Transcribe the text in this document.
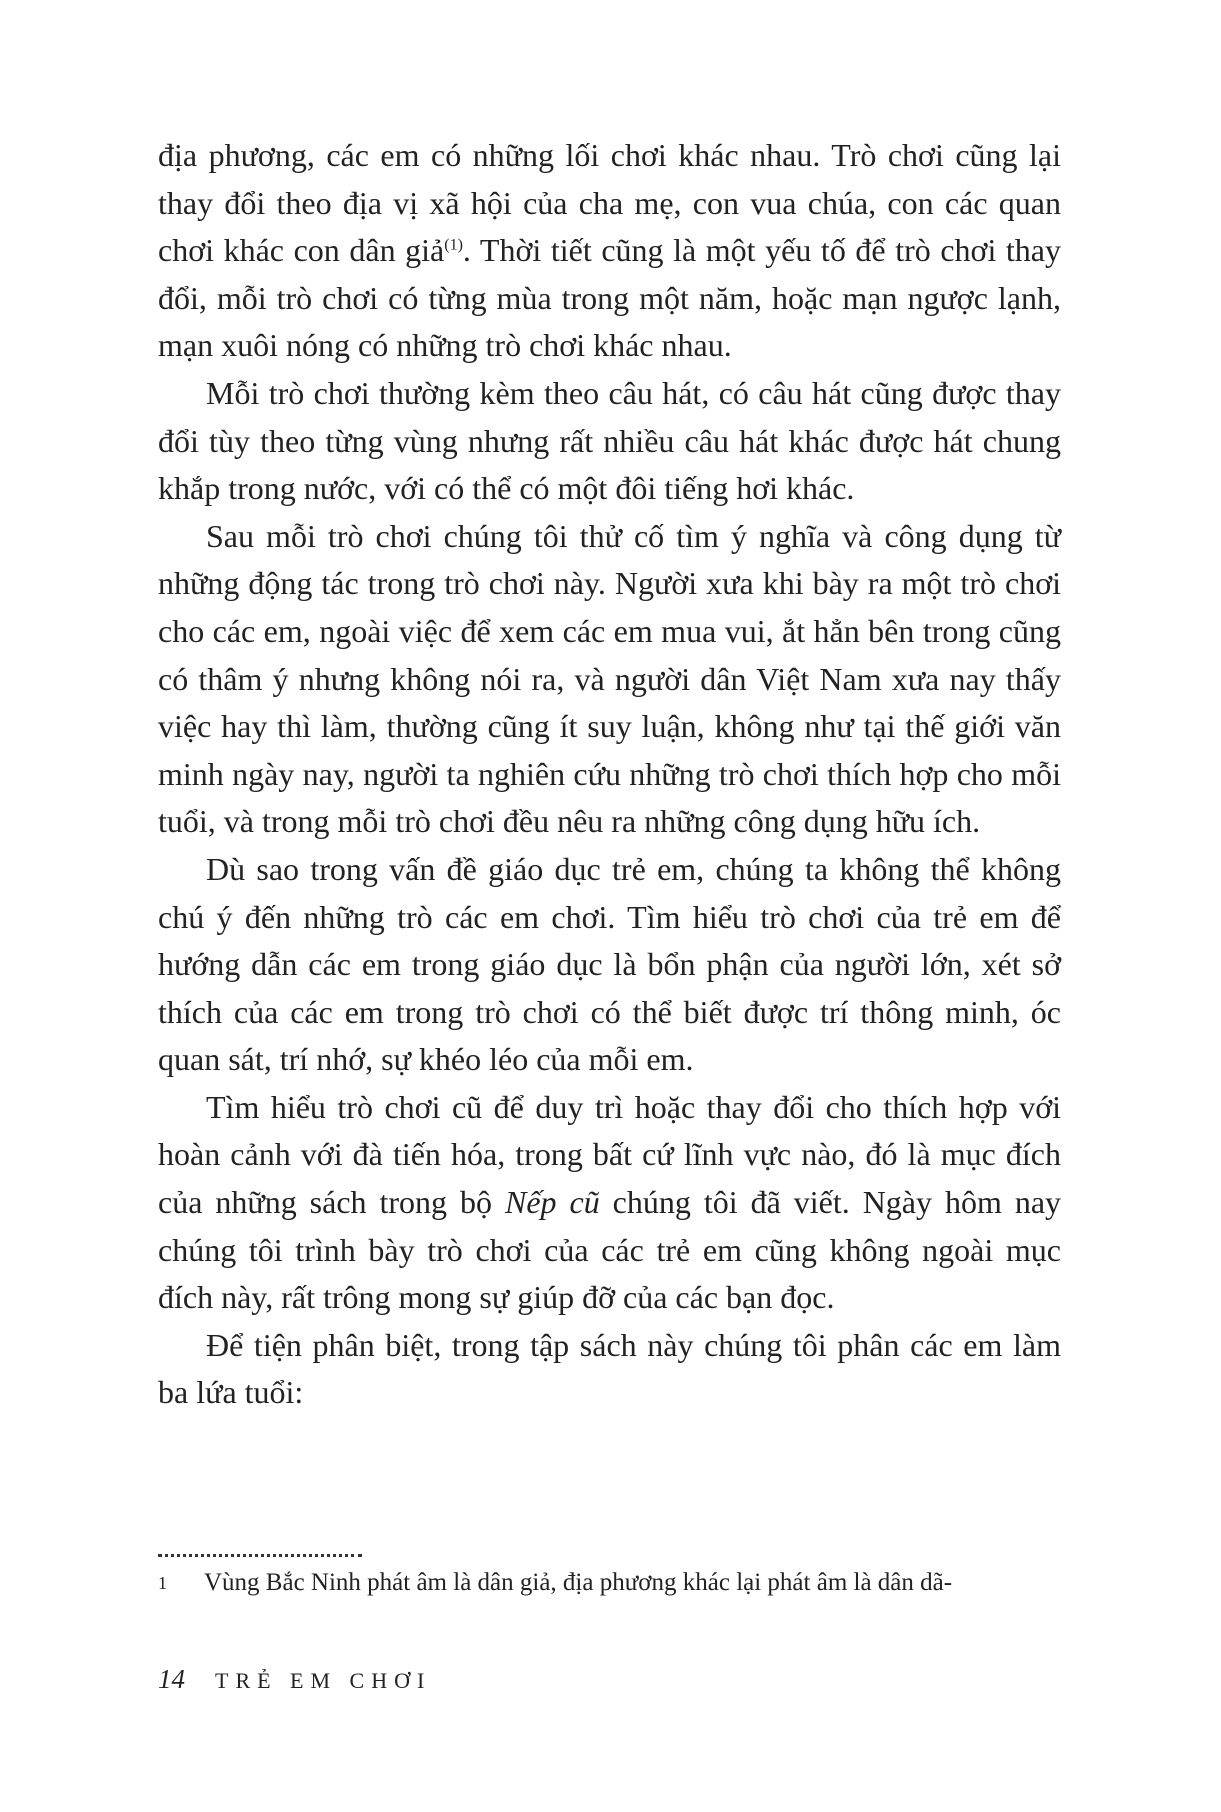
địa phương, các em có những lối chơi khác nhau. Trò chơi cũng lại thay đổi theo địa vị xã hội của cha mẹ, con vua chúa, con các quan chơi khác con dân giả$^{(1)}$. Thời tiết cũng là một yếu tố để trò chơi thay đổi, mỗi trò chơi có từng mùa trong một năm, hoặc mạn ngược lạnh, mạn xuôi nóng có những trò chơi khác nhau.

Mỗi trò chơi thường kèm theo câu hát, có câu hát cũng được thay đổi tùy theo từng vùng nhưng rất nhiều câu hát khác được hát chung khắp trong nước, với có thể có một đôi tiếng hơi khác.

Sau mỗi trò chơi chúng tôi thử cố tìm ý nghĩa và công dụng từ những động tác trong trò chơi này. Người xưa khi bày ra một trò chơi cho các em, ngoài việc để xem các em mua vui, ắt hẳn bên trong cũng có thâm ý nhưng không nói ra, và người dân Việt Nam xưa nay thấy việc hay thì làm, thường cũng ít suy luận, không như tại thế giới văn minh ngày nay, người ta nghiên cứu những trò chơi thích hợp cho mỗi tuổi, và trong mỗi trò chơi đều nêu ra những công dụng hữu ích.

Dù sao trong vấn đề giáo dục trẻ em, chúng ta không thể không chú ý đến những trò các em chơi. Tìm hiểu trò chơi của trẻ em để hướng dẫn các em trong giáo dục là bổn phận của người lớn, xét sở thích của các em trong trò chơi có thể biết được trí thông minh, óc quan sát, trí nhớ, sự khéo léo của mỗi em.

Tìm hiểu trò chơi cũ để duy trì hoặc thay đổi cho thích hợp với hoàn cảnh với đà tiến hóa, trong bất cứ lĩnh vực nào, đó là mục đích của những sách trong bộ Nếp cũ chúng tôi đã viết. Ngày hôm nay chúng tôi trình bày trò chơi của các trẻ em cũng không ngoài mục đích này, rất trông mong sự giúp đỡ của các bạn đọc.

Để tiện phân biệt, trong tập sách này chúng tôi phân các em làm ba lứa tuổi:

1 Vùng Bắc Ninh phát âm là dân giả, địa phương khác lại phát âm là dân dã-
14 TRẺ EM CHƠI
